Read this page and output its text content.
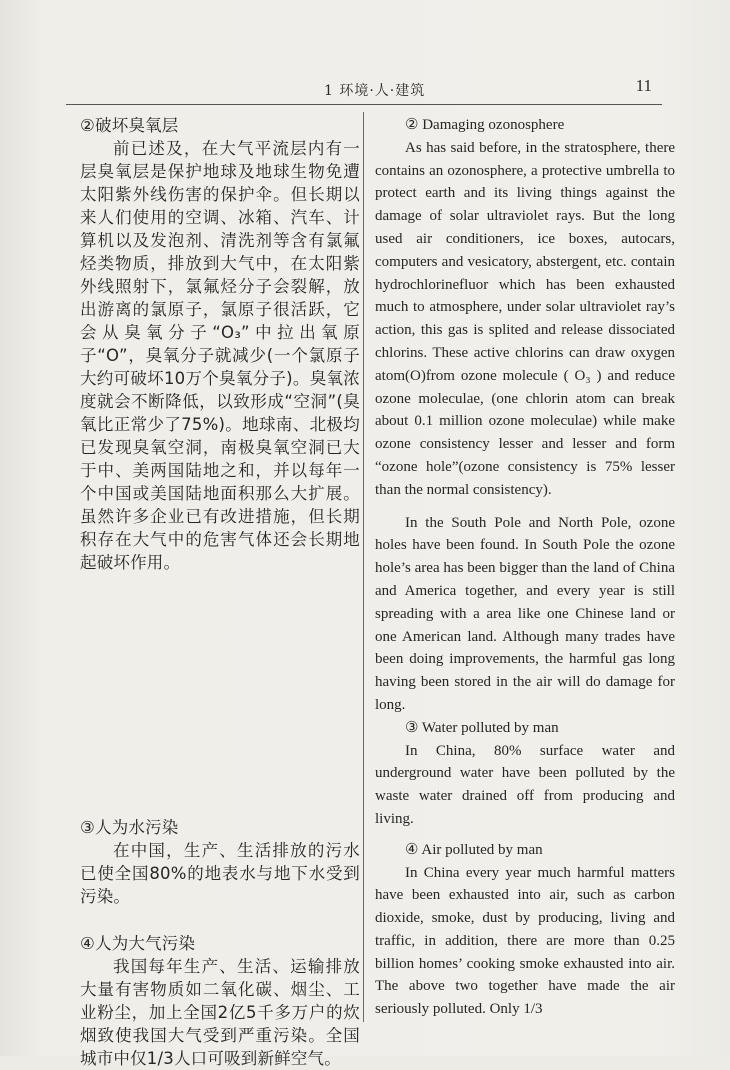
1 环境·人·建筑	11

②破坏臭氧层

前已述及，在大气平流层内有一层臭氧层是保护地球及地球生物免遭太阳紫外线伤害的保护伞。但长期以来人们使用的空调、冰箱、汽车、计算机以及发泡剂、清洗剂等含有氯氟烃类物质，排放到大气中，在太阳紫外线照射下，氯氟烃分子会裂解，放出游离的氯原子，氯原子很活跃，它会从臭氧分子“O₃”中拉出氧原子“O”，臭氧分子就减少(一个氯原子大约可破坏10万个臭氧分子)。臭氧浓度就会不断降低，以致形成“空洞”(臭氧比正常少了75%)。地球南、北极均已发现臭氧空洞，南极臭氧空洞已大于中、美两国陆地之和，并以每年一个中国或美国陆地面积那么大扩展。虽然许多企业已有改进措施，但长期积存在大气中的危害气体还会长期地起破坏作用。

③人为水污染

在中国，生产、生活排放的污水已使全国80%的地表水与地下水受到污染。

④人为大气污染

我国每年生产、生活、运输排放大量有害物质如二氧化碳、烟尘、工业粉尘，加上全国2亿5千多万户的炊烟致使我国大气受到严重污染。全国城市中仅1/3人口可吸到新鲜空气。

② Damaging ozonosphere

As has said before, in the stratosphere, there contains an ozonosphere, a protective umbrella to protect earth and its living things against the damage of solar ultraviolet rays. But the long used air conditioners, ice boxes, autocars, computers and vesicatory, abstergent, etc. contain hydrochlorinefluor which has been exhausted much to atmosphere, under solar ultraviolet ray’s action, this gas is splited and release dissociated chlorins. These active chlorins can draw oxygen atom(O)from ozone molecule ( O₃ ) and reduce ozone moleculae, (one chlorin atom can break about 0.1 million ozone moleculae) while make ozone consistency lesser and lesser and form “ozone hole”(ozone consistency is 75% lesser than the normal consistency).

In the South Pole and North Pole, ozone holes have been found. In South Pole the ozone hole’s area has been bigger than the land of China and America together, and every year is still spreading with a area like one Chinese land or one American land. Although many trades have been doing improvements, the harmful gas long having been stored in the air will do damage for long.

③ Water polluted by man

In China, 80% surface water and underground water have been polluted by the waste water drained off from producing and living.

④ Air polluted by man

In China every year much harmful matters have been exhausted into air, such as carbon dioxide, smoke, dust by producing, living and traffic, in addition, there are more than 0.25 billion homes’ cooking smoke exhausted into air. The above two together have made the air seriously polluted. Only 1/3
